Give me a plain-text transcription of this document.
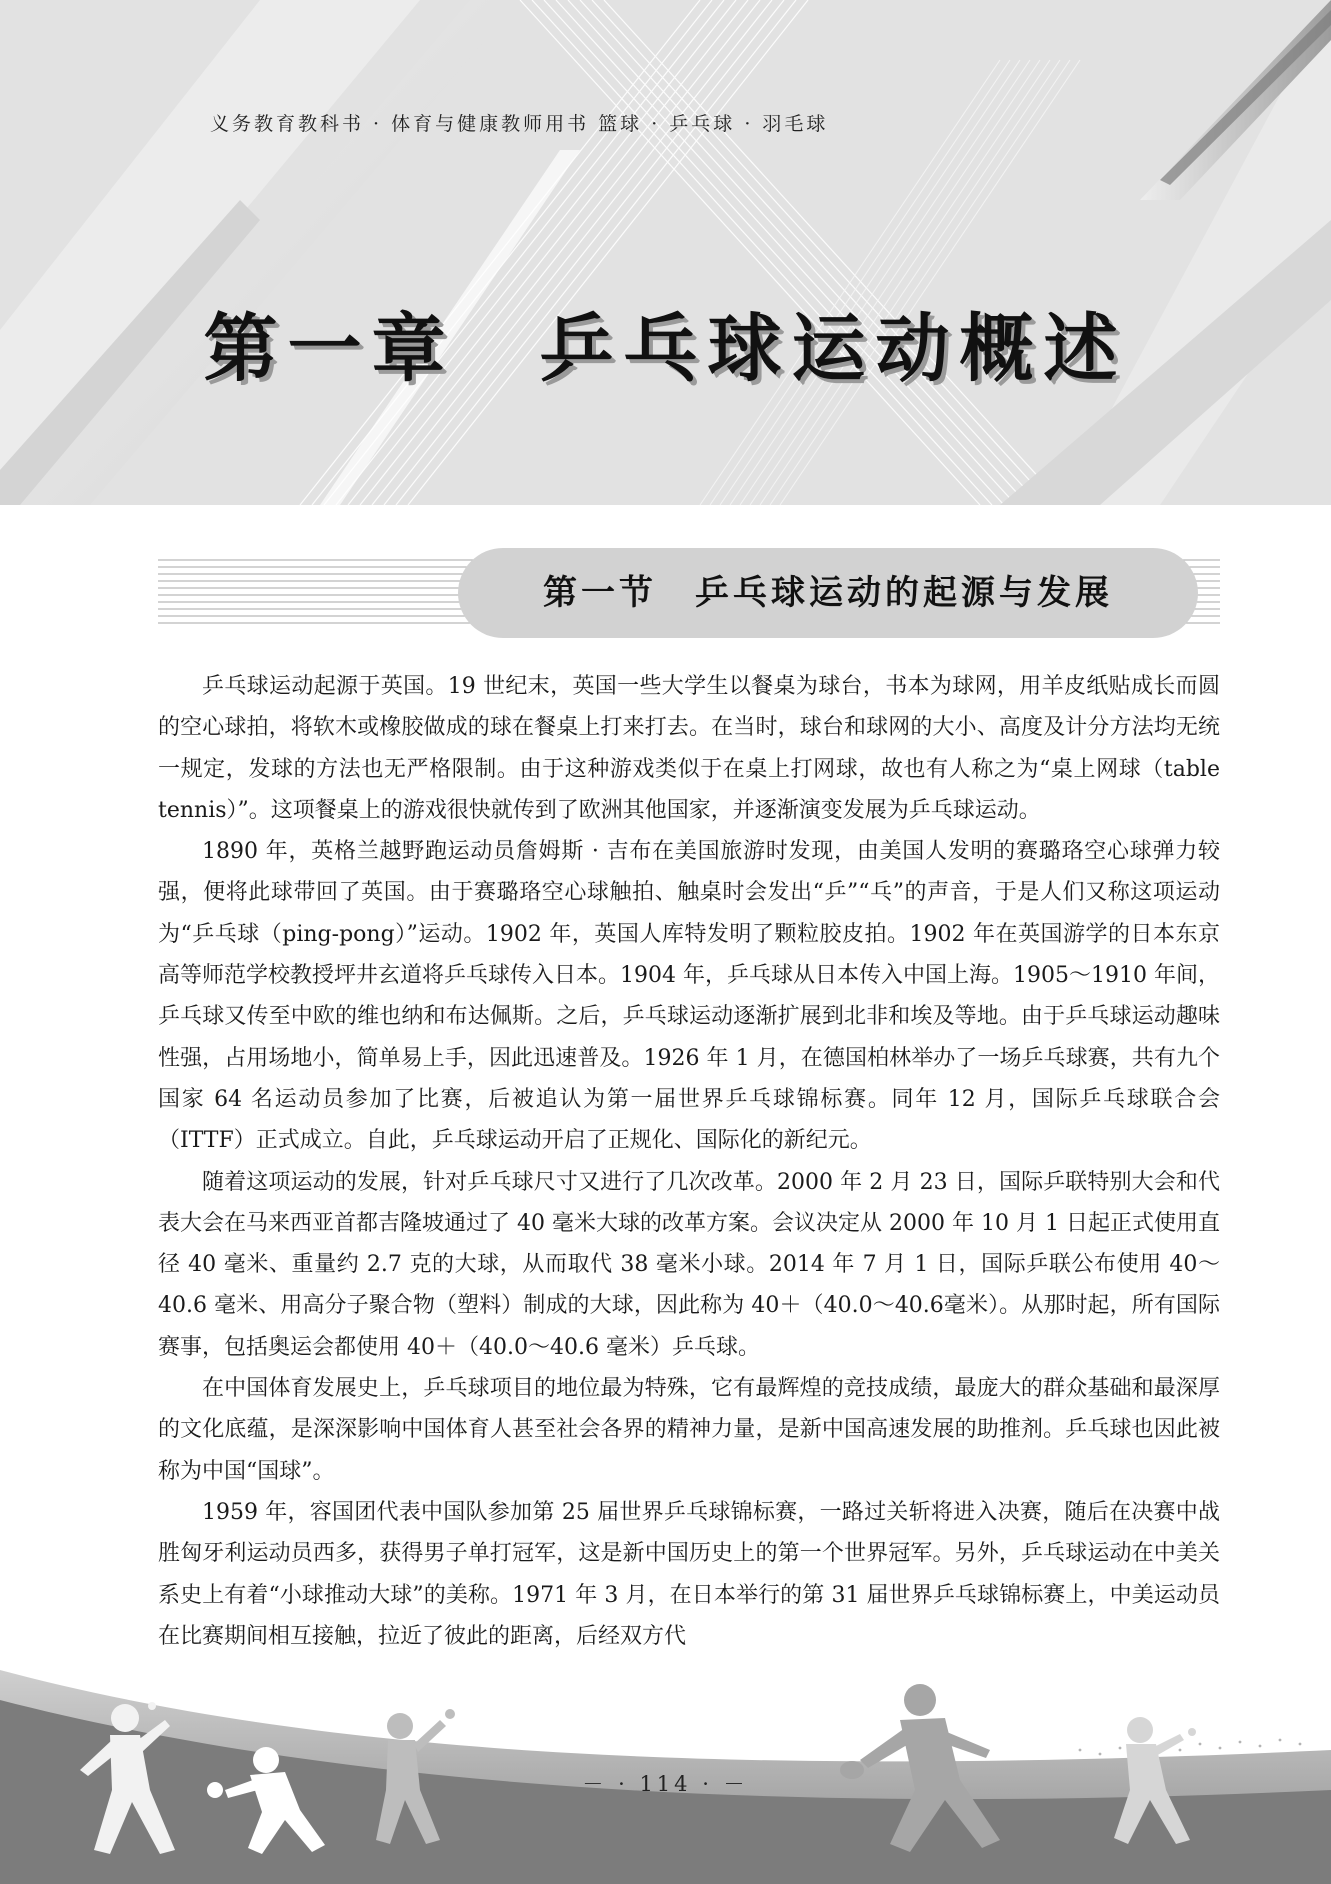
义务教育教科书 · 体育与健康教师用书 篮球 · 乒乓球 · 羽毛球
第一章　乒乓球运动概述
第一节　乒乓球运动的起源与发展

乒乓球运动起源于英国。19 世纪末，英国一些大学生以餐桌为球台，书本为球网，用羊皮纸贴成长而圆的空心球拍，将软木或橡胶做成的球在餐桌上打来打去。在当时，球台和球网的大小、高度及计分方法均无统一规定，发球的方法也无严格限制。由于这种游戏类似于在桌上打网球，故也有人称之为“桌上网球（table tennis）”。这项餐桌上的游戏很快就传到了欧洲其他国家，并逐渐演变发展为乒乓球运动。

1890 年，英格兰越野跑运动员詹姆斯 · 吉布在美国旅游时发现，由美国人发明的赛璐珞空心球弹力较强，便将此球带回了英国。由于赛璐珞空心球触拍、触桌时会发出“乒”“乓”的声音，于是人们又称这项运动为“乒乓球（ping-pong）”运动。1902 年，英国人库特发明了颗粒胶皮拍。1902 年在英国游学的日本东京高等师范学校教授坪井玄道将乒乓球传入日本。1904 年，乒乓球从日本传入中国上海。1905～1910 年间，乒乓球又传至中欧的维也纳和布达佩斯。之后，乒乓球运动逐渐扩展到北非和埃及等地。由于乒乓球运动趣味性强，占用场地小，简单易上手，因此迅速普及。1926 年 1 月，在德国柏林举办了一场乒乓球赛，共有九个国家 64 名运动员参加了比赛，后被追认为第一届世界乒乓球锦标赛。同年 12 月，国际乒乓球联合会（ITTF）正式成立。自此，乒乓球运动开启了正规化、国际化的新纪元。

随着这项运动的发展，针对乒乓球尺寸又进行了几次改革。2000 年 2 月 23 日，国际乒联特别大会和代表大会在马来西亚首都吉隆坡通过了 40 毫米大球的改革方案。会议决定从 2000 年 10 月 1 日起正式使用直径 40 毫米、重量约 2.7 克的大球，从而取代 38 毫米小球。2014 年 7 月 1 日，国际乒联公布使用 40～40.6 毫米、用高分子聚合物（塑料）制成的大球，因此称为 40＋（40.0～40.6毫米）。从那时起，所有国际赛事，包括奥运会都使用 40＋（40.0～40.6 毫米）乒乓球。

在中国体育发展史上，乒乓球项目的地位最为特殊，它有最辉煌的竞技成绩，最庞大的群众基础和最深厚的文化底蕴，是深深影响中国体育人甚至社会各界的精神力量，是新中国高速发展的助推剂。乒乓球也因此被称为中国“国球”。

1959 年，容国团代表中国队参加第 25 届世界乒乓球锦标赛，一路过关斩将进入决赛，随后在决赛中战胜匈牙利运动员西多，获得男子单打冠军，这是新中国历史上的第一个世界冠军。另外，乒乓球运动在中美关系史上有着“小球推动大球”的美称。1971 年 3 月，在日本举行的第 31 届世界乒乓球锦标赛上，中美运动员在比赛期间相互接触，拉近了彼此的距离，后经双方代

－ · 114 · －
